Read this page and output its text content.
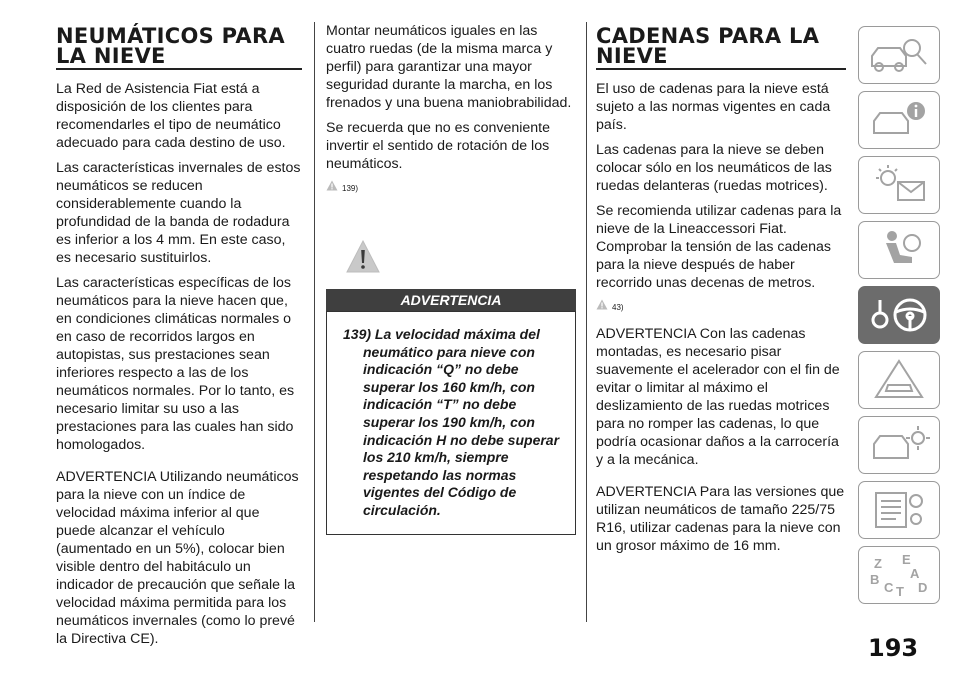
NEUMÁTICOS PARA
LA NIEVE

La Red de Asistencia Fiat está a disposición de los clientes para recomendarles el tipo de neumático adecuado para cada destino de uso.

Las características invernales de estos neumáticos se reducen considerablemente cuando la profundidad de la banda de rodadura es inferior a los 4 mm. En este caso, es necesario sustituirlos.

Las características específicas de los neumáticos para la nieve hacen que, en condiciones climáticas normales o en caso de recorridos largos en autopistas, sus prestaciones sean inferiores respecto a las de los neumáticos normales. Por lo tanto, es necesario limitar su uso a las prestaciones para las cuales han sido homologados.

ADVERTENCIA Utilizando neumáticos para la nieve con un índice de velocidad máxima inferior al que puede alcanzar el vehículo (aumentado en un 5%), colocar bien visible dentro del habitáculo un indicador de precaución que señale la velocidad máxima permitida para los neumáticos invernales (como lo prevé la Directiva CE).

Montar neumáticos iguales en las cuatro ruedas (de la misma marca y perfil) para garantizar una mayor seguridad durante la marcha, en los frenados y una buena maniobrabilidad.

Se recuerda que no es conveniente invertir el sentido de rotación de los neumáticos.

139)
ADVERTENCIA
139) La velocidad máxima del neumático para nieve con indicación “Q” no debe superar los 160 km/h, con indicación “T” no debe superar los 190 km/h, con indicación H no debe superar los 210 km/h, siempre respetando las normas vigentes del Código de circulación.
CADENAS PARA LA
NIEVE

El uso de cadenas para la nieve está sujeto a las normas vigentes en cada país.

Las cadenas para la nieve se deben colocar sólo en los neumáticos de las ruedas delanteras (ruedas motrices).

Se recomienda utilizar cadenas para la nieve de la Lineaccessori Fiat. Comprobar la tensión de las cadenas para la nieve después de haber recorrido unas decenas de metros.

43)

ADVERTENCIA Con las cadenas montadas, es necesario pisar suavemente el acelerador con el fin de evitar o limitar al máximo el deslizamiento de las ruedas motrices para no romper las cadenas, lo que podría ocasionar daños a la carrocería y a la mecánica.

ADVERTENCIA Para las versiones que utilizan neumáticos de tamaño 225/75 R16, utilizar cadenas para la nieve con un grosor máximo de 16 mm.

Z E
A
B
C T D
193
